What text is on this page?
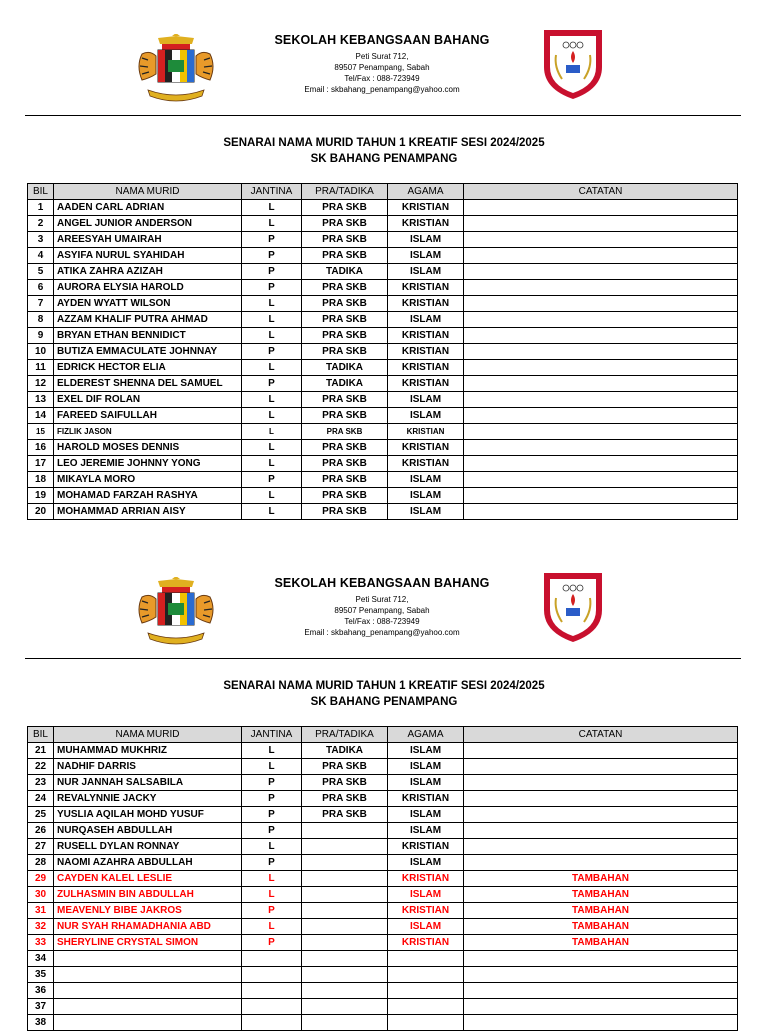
SEKOLAH KEBANGSAAN BAHANG
Peti Surat 712,
89507 Penampang, Sabah
Tel/Fax : 088-723949
Email : skbahang_penampang@yahoo.com
SENARAI NAMA MURID TAHUN 1 KREATIF SESI 2024/2025
SK BAHANG PENAMPANG
BIL	NAMA MURID	JANTINA	PRA/TADIKA	AGAMA	CATATAN
1	AADEN CARL ADRIAN	L	PRA SKB	KRISTIAN	
2	ANGEL JUNIOR ANDERSON	L	PRA SKB	KRISTIAN	
3	AREESYAH UMAIRAH	P	PRA SKB	ISLAM	
4	ASYIFA NURUL SYAHIDAH	P	PRA SKB	ISLAM	
5	ATIKA ZAHRA AZIZAH	P	TADIKA	ISLAM	
6	AURORA ELYSIA HAROLD	P	PRA SKB	KRISTIAN	
7	AYDEN WYATT WILSON	L	PRA SKB	KRISTIAN	
8	AZZAM KHALIF PUTRA AHMAD	L	PRA SKB	ISLAM	
9	BRYAN ETHAN BENNIDICT	L	PRA SKB	KRISTIAN	
10	BUTIZA EMMACULATE JOHNNAY	P	PRA SKB	KRISTIAN	
11	EDRICK HECTOR ELIA	L	TADIKA	KRISTIAN	
12	ELDEREST SHENNA DEL SAMUEL	P	TADIKA	KRISTIAN	
13	EXEL DIF ROLAN	L	PRA SKB	ISLAM	
14	FAREED SAIFULLAH	L	PRA SKB	ISLAM	
15	FIZLIK JASON	L	PRA SKB	KRISTIAN	
16	HAROLD MOSES DENNIS	L	PRA SKB	KRISTIAN	
17	LEO JEREMIE JOHNNY YONG	L	PRA SKB	KRISTIAN	
18	MIKAYLA MORO	P	PRA SKB	ISLAM	
19	MOHAMAD FARZAH RASHYA	L	PRA SKB	ISLAM	
20	MOHAMMAD ARRIAN AISY	L	PRA SKB	ISLAM	
SEKOLAH KEBANGSAAN BAHANG
Peti Surat 712,
89507 Penampang, Sabah
Tel/Fax : 088-723949
Email : skbahang_penampang@yahoo.com
SENARAI NAMA MURID TAHUN 1 KREATIF SESI 2024/2025
SK BAHANG PENAMPANG
BIL	NAMA MURID	JANTINA	PRA/TADIKA	AGAMA	CATATAN
21	MUHAMMAD MUKHRIZ	L	TADIKA	ISLAM	
22	NADHIF DARRIS	L	PRA SKB	ISLAM	
23	NUR JANNAH SALSABILA	P	PRA SKB	ISLAM	
24	REVALYNNIE JACKY	P	PRA SKB	KRISTIAN	
25	YUSLIA AQILAH MOHD YUSUF	P	PRA SKB	ISLAM	
26	NURQASEH ABDULLAH	P		ISLAM	
27	RUSELL DYLAN RONNAY	L		KRISTIAN	
28	NAOMI AZAHRA ABDULLAH	P		ISLAM	
29	CAYDEN KALEL LESLIE	L		KRISTIAN	TAMBAHAN
30	ZULHASMIN BIN ABDULLAH	L		ISLAM	TAMBAHAN
31	MEAVENLY BIBE JAKROS	P		KRISTIAN	TAMBAHAN
32	NUR SYAH RHAMADHANIA ABD	L		ISLAM	TAMBAHAN
33	SHERYLINE CRYSTAL SIMON	P		KRISTIAN	TAMBAHAN
34					
35					
36					
37					
38					
